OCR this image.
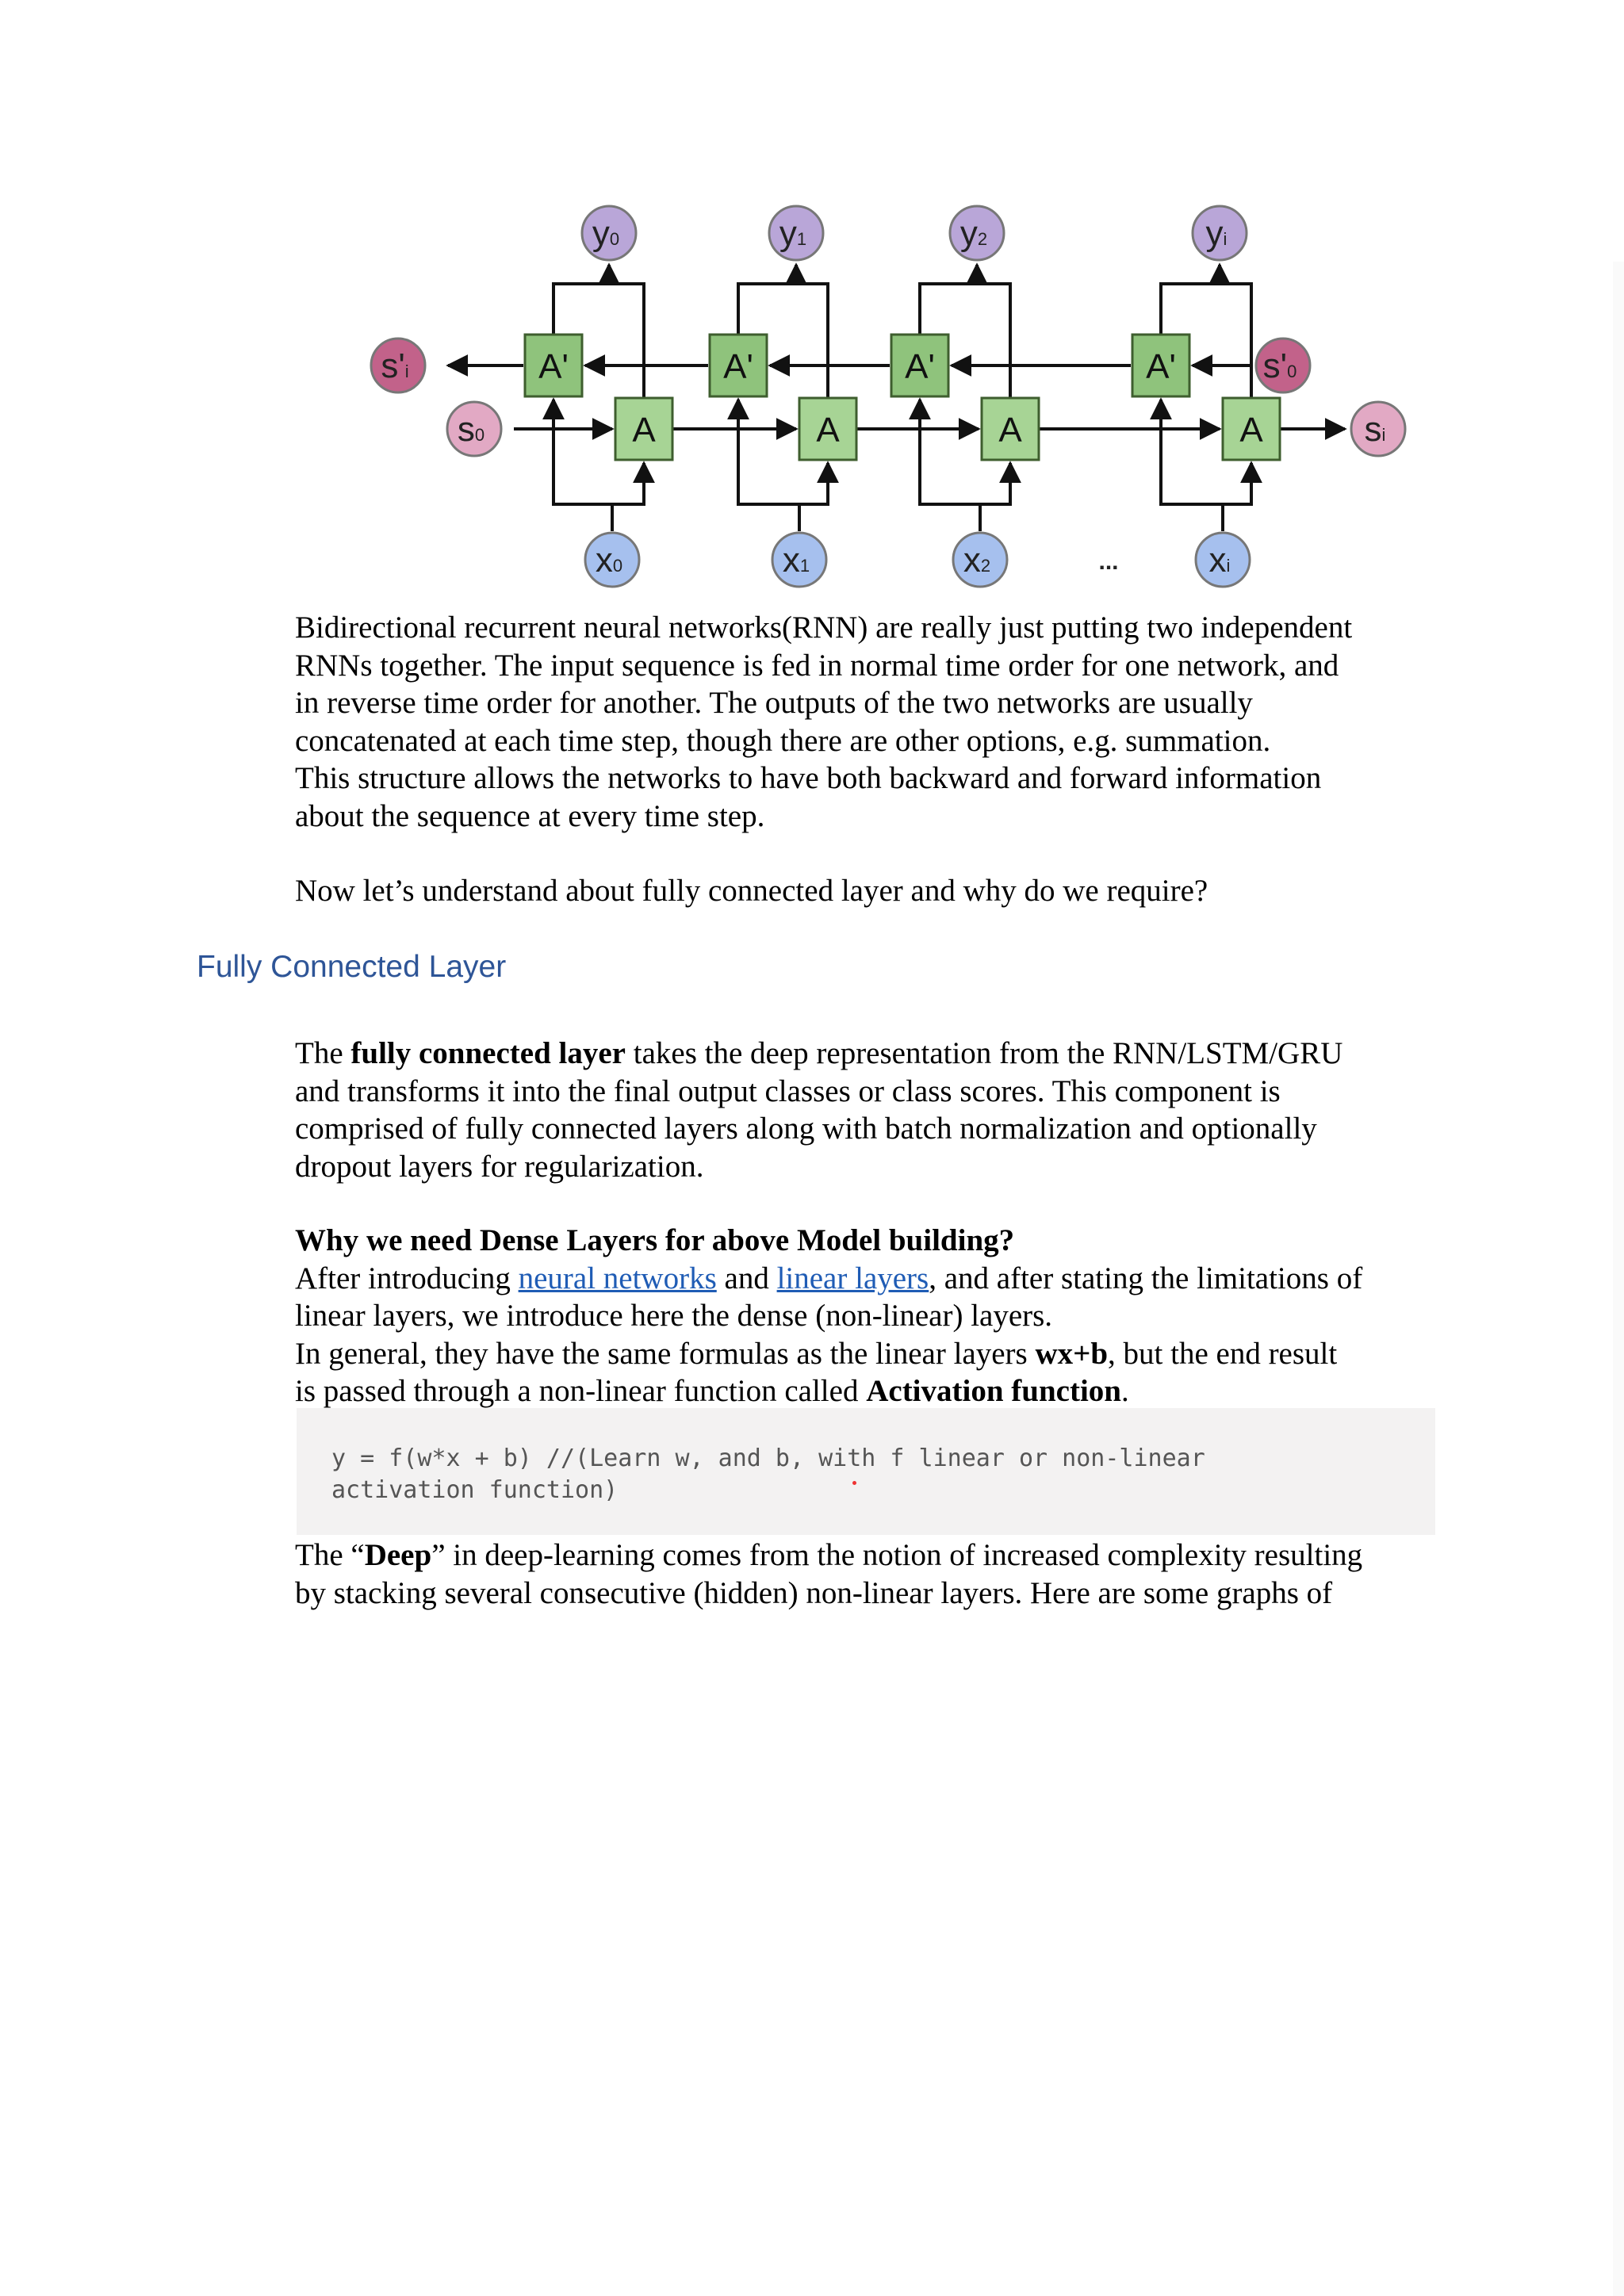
y0
x0
A'
A
y1
x1
A'
A
y2
x2
A'
A
yi
xi
A'
A
s'i	s'0
s0	si
...

Bidirectional recurrent neural networks(RNN) are really just putting two independent
RNNs together. The input sequence is fed in normal time order for one network, and
in reverse time order for another. The outputs of the two networks are usually
concatenated at each time step, though there are other options, e.g. summation.
This structure allows the networks to have both backward and forward information
about the sequence at every time step.

Now let’s understand about fully connected layer and why do we require?

Fully Connected Layer

The fully connected layer takes the deep representation from the RNN/LSTM/GRU
and transforms it into the final output classes or class scores. This component is
comprised of fully connected layers along with batch normalization and optionally
dropout layers for regularization.

Why we need Dense Layers for above Model building?
After introducing neural networks and linear layers, and after stating the limitations of
linear layers, we introduce here the dense (non-linear) layers.
In general, they have the same formulas as the linear layers wx+b, but the end result
is passed through a non-linear function called Activation function.

y = f(w*x + b) //(Learn w, and b, with f linear or non-linear
activation function)

The “Deep” in deep-learning comes from the notion of increased complexity resulting
by stacking several consecutive (hidden) non-linear layers. Here are some graphs of
